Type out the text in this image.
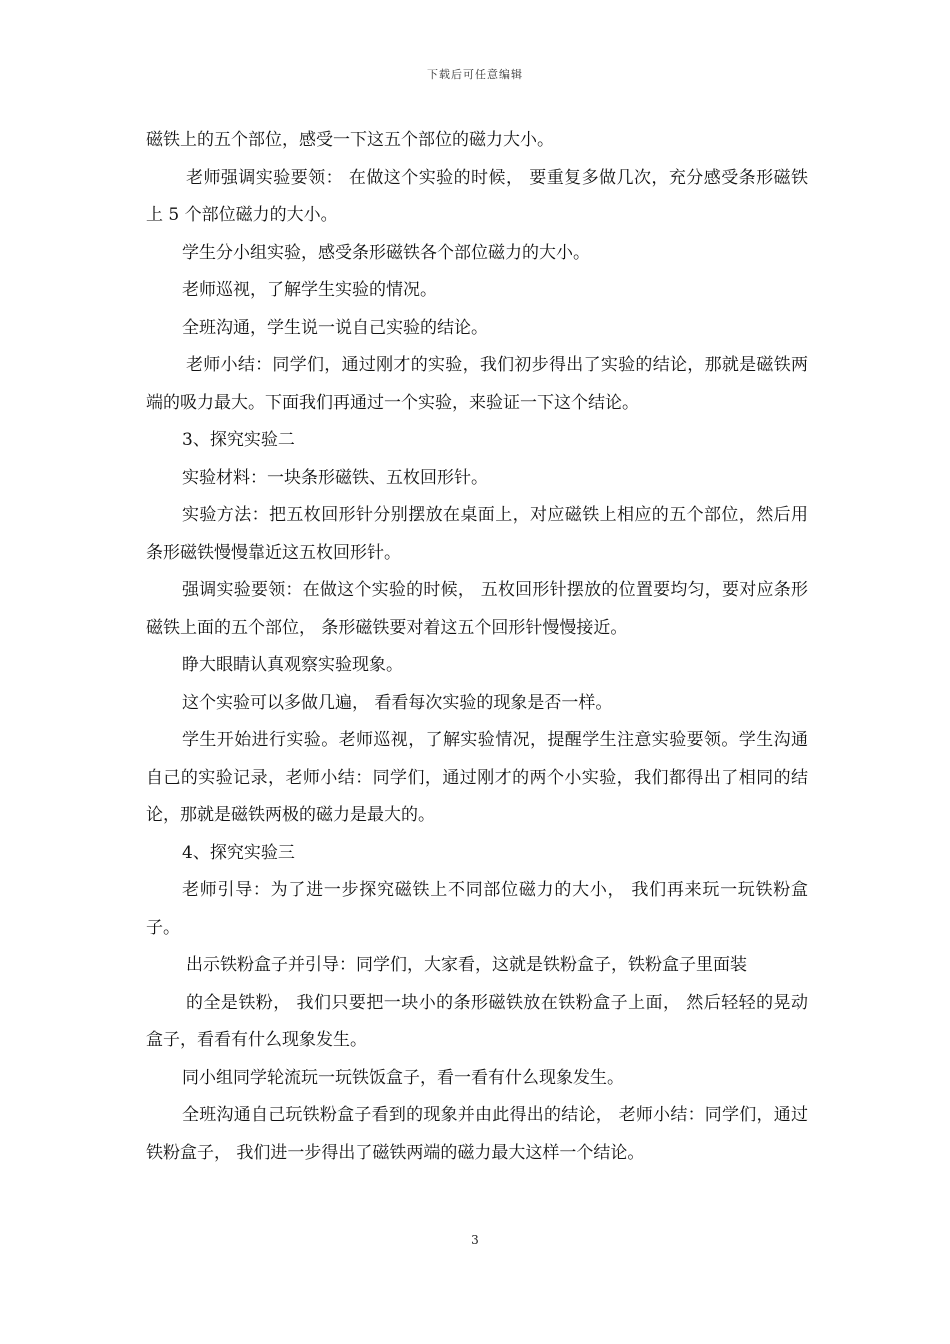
下载后可任意编辑

磁铁上的五个部位，感受一下这五个部位的磁力大小。

老师强调实验要领： 在做这个实验的时候， 要重复多做几次，充分感受条形磁铁上 5 个部位磁力的大小。

学生分小组实验，感受条形磁铁各个部位磁力的大小。

老师巡视，了解学生实验的情况。

全班沟通，学生说一说自己实验的结论。

老师小结：同学们，通过刚才的实验，我们初步得出了实验的结论，那就是磁铁两端的吸力最大。下面我们再通过一个实验，来验证一下这个结论。

3、探究实验二

实验材料：一块条形磁铁、五枚回形针。

实验方法：把五枚回形针分别摆放在桌面上，对应磁铁上相应的五个部位，然后用条形磁铁慢慢靠近这五枚回形针。

强调实验要领：在做这个实验的时候， 五枚回形针摆放的位置要均匀，要对应条形磁铁上面的五个部位， 条形磁铁要对着这五个回形针慢慢接近。

睁大眼睛认真观察实验现象。

这个实验可以多做几遍， 看看每次实验的现象是否一样。

学生开始进行实验。老师巡视，了解实验情况，提醒学生注意实验要领。学生沟通自己的实验记录，老师小结：同学们，通过刚才的两个小实验，我们都得出了相同的结论，那就是磁铁两极的磁力是最大的。

4、探究实验三

老师引导：为了进一步探究磁铁上不同部位磁力的大小， 我们再来玩一玩铁粉盒子。

出示铁粉盒子并引导：同学们，大家看，这就是铁粉盒子，铁粉盒子里面装

的全是铁粉， 我们只要把一块小的条形磁铁放在铁粉盒子上面， 然后轻轻的晃动盒子，看看有什么现象发生。

同小组同学轮流玩一玩铁饭盒子，看一看有什么现象发生。

全班沟通自己玩铁粉盒子看到的现象并由此得出的结论， 老师小结：同学们，通过铁粉盒子， 我们进一步得出了磁铁两端的磁力最大这样一个结论。

3
